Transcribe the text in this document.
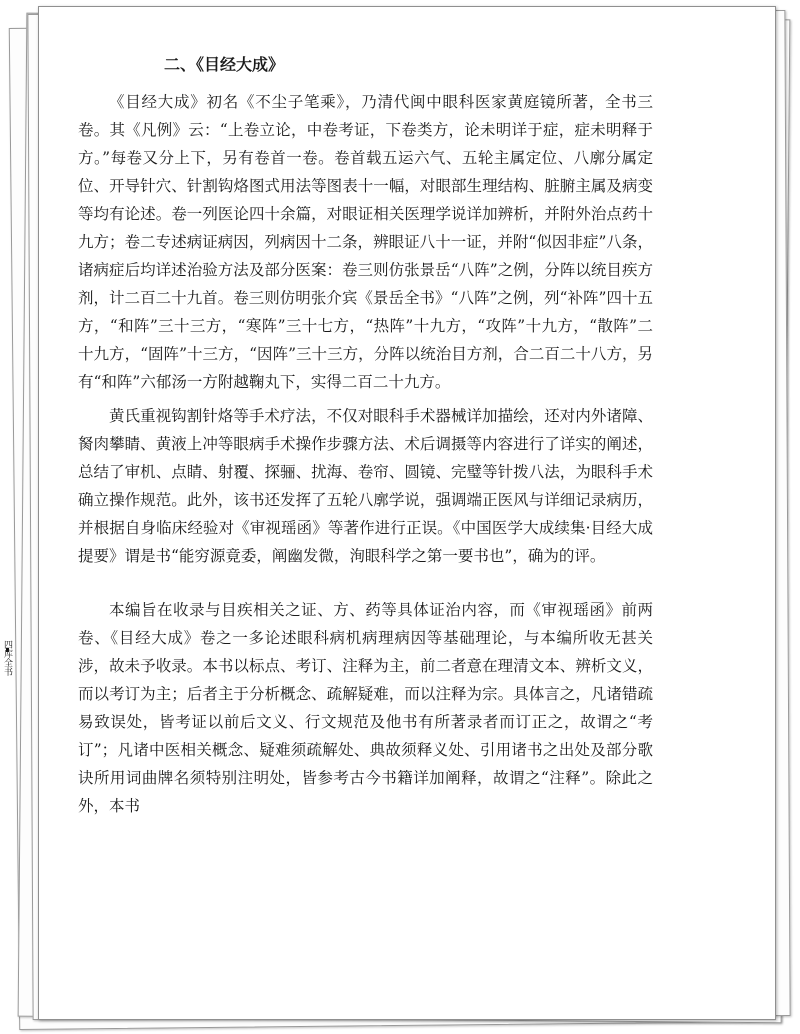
四库全书
二、《目经大成》

《目经大成》初名《不尘子笔乘》，乃清代闽中眼科医家黄庭镜所著，全书三卷。其《凡例》云：“上卷立论，中卷考证，下卷类方，论未明详于症，症未明释于方。”每卷又分上下，另有卷首一卷。卷首载五运六气、五轮主属定位、八廓分属定位、开导针穴、针割钩烙图式用法等图表十一幅，对眼部生理结构、脏腑主属及病变等均有论述。卷一列医论四十余篇，对眼证相关医理学说详加辨析，并附外治点药十九方；卷二专述病证病因，列病因十二条，辨眼证八十一证，并附“似因非症”八条，诸病症后均详述治验方法及部分医案：卷三则仿张景岳“八阵”之例，分阵以统目疾方剂，计二百二十九首。卷三则仿明张介宾《景岳全书》“八阵”之例，列“补阵”四十五方，“和阵”三十三方，“寒阵”三十七方，“热阵”十九方，“攻阵”十九方，“散阵”二十九方，“固阵”十三方，“因阵”三十三方，分阵以统治目方剂，合二百二十八方，另有“和阵”六郁汤一方附越鞠丸下，实得二百二十九方。

黄氏重视钩割针烙等手术疗法，不仅对眼科手术器械详加描绘，还对内外诸障、胬肉攀睛、黄液上冲等眼病手术操作步骤方法、术后调摄等内容进行了详实的阐述，总结了审机、点睛、射覆、探骊、扰海、卷帘、圆镜、完璧等针拨八法，为眼科手术确立操作规范。此外，该书还发挥了五轮八廓学说，强调端正医风与详细记录病历，并根据自身临床经验对《审视瑶函》等著作进行正误。《中国医学大成续集·目经大成提要》谓是书“能穷源竟委，阐幽发微，洵眼科学之第一要书也”，确为的评。

本编旨在收录与目疾相关之证、方、药等具体证治内容，而《审视瑶函》前两卷、《目经大成》卷之一多论述眼科病机病理病因等基础理论，与本编所收无甚关涉，故未予收录。本书以标点、考订、注释为主，前二者意在理清文本、辨析文义，而以考订为主；后者主于分析概念、疏解疑难，而以注释为宗。具体言之，凡诸错疏易致误处，皆考证以前后文义、行文规范及他书有所著录者而订正之，故谓之“考订”；凡诸中医相关概念、疑难须疏解处、典故须释义处、引用诸书之出处及部分歌诀所用词曲牌名须特别注明处，皆参考古今书籍详加阐释，故谓之“注释”。除此之外，本书
